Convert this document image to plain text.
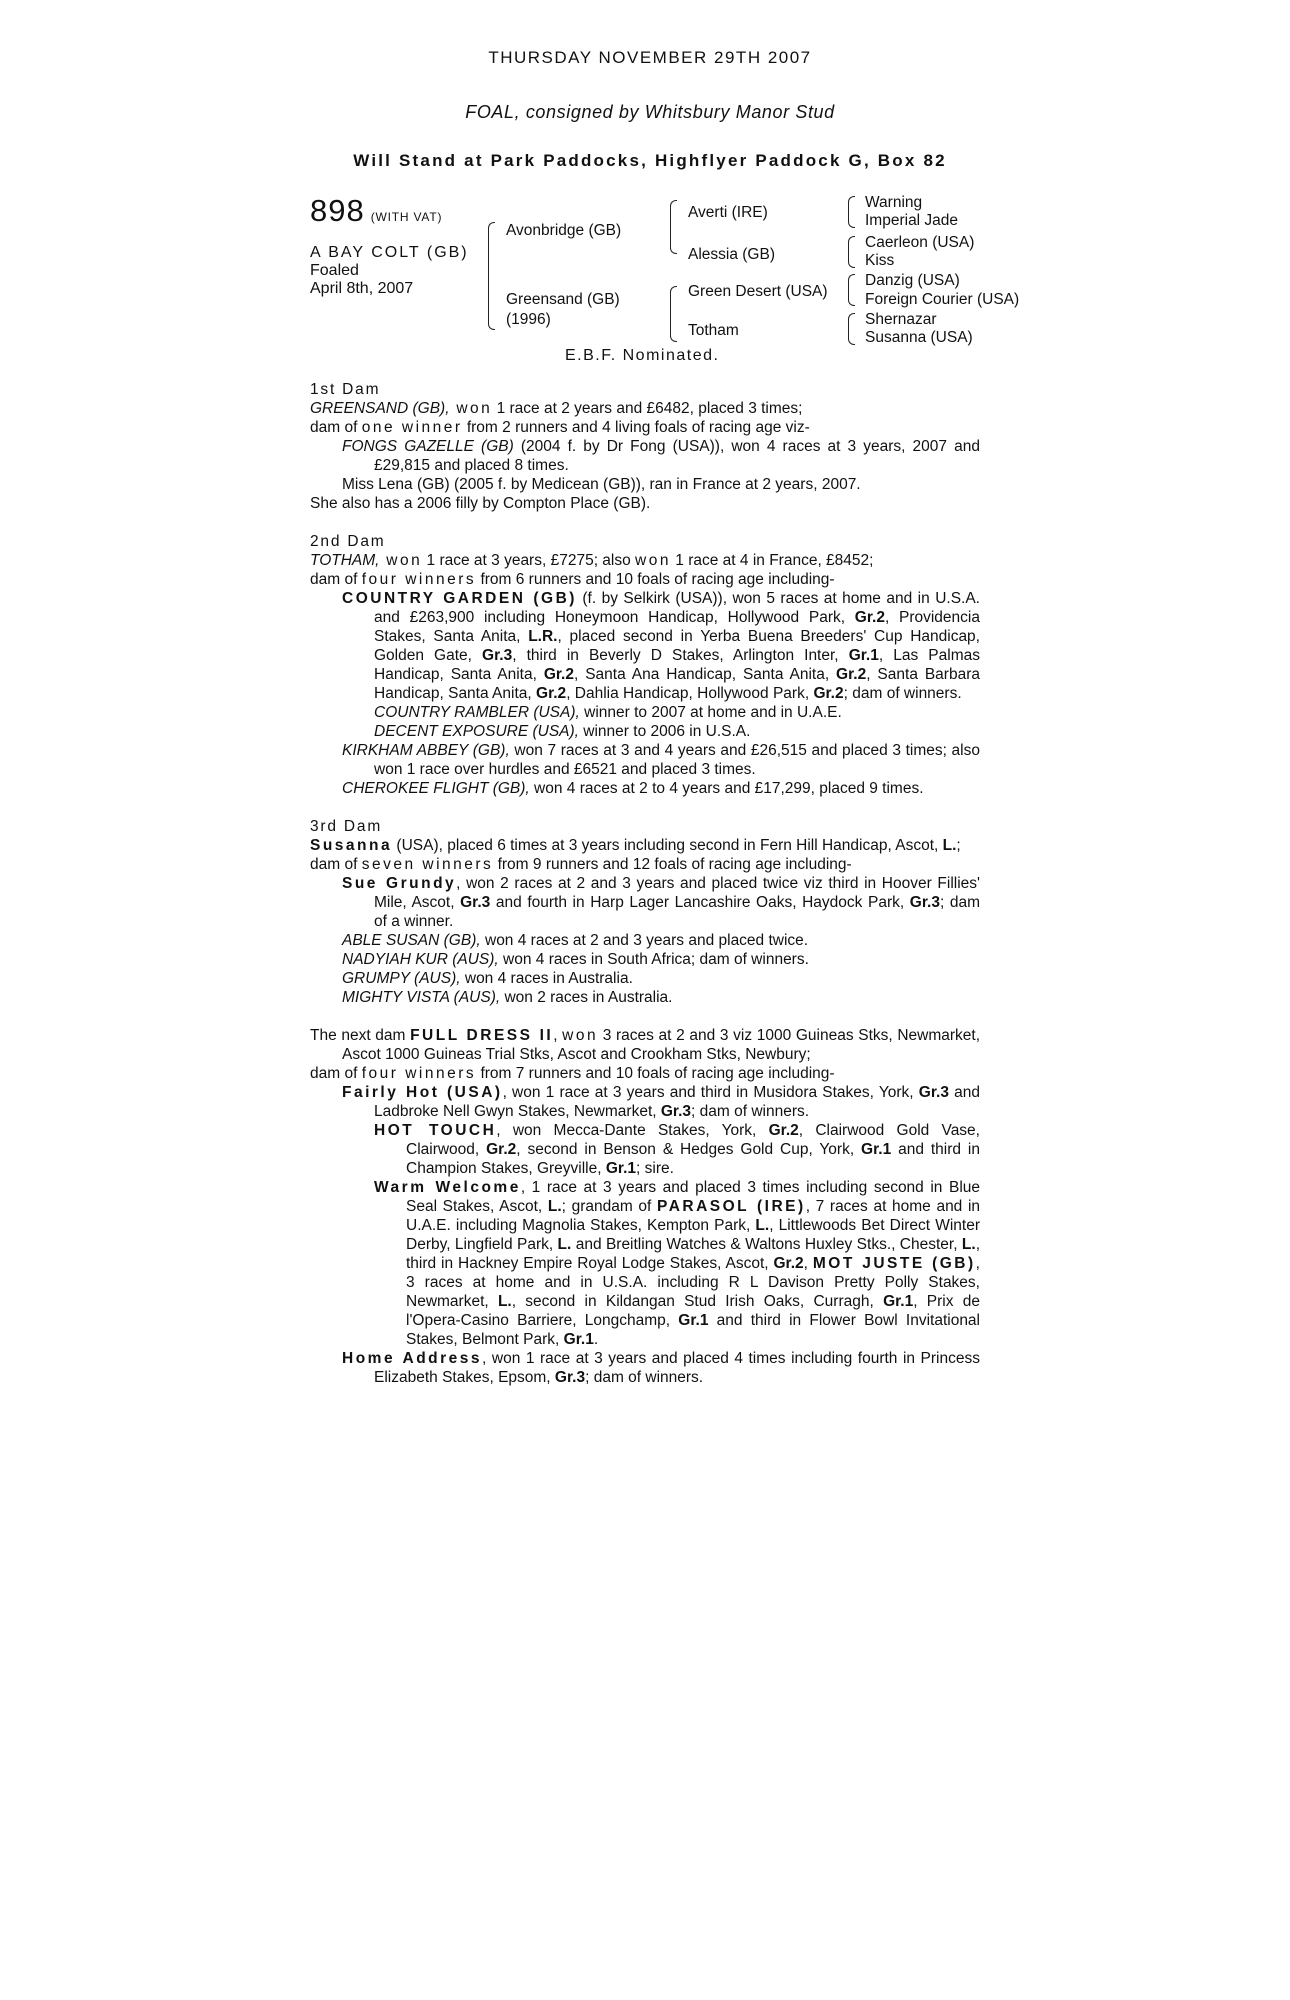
THURSDAY NOVEMBER 29TH 2007
FOAL, consigned by Whitsbury Manor Stud
Will Stand at Park Paddocks, Highflyer Paddock G, Box 82
898 (WITH VAT)
A BAY COLT (GB)
Foaled
April 8th, 2007
Avonbridge (GB)
Greensand (GB)
(1996)
Averti (IRE)
Alessia (GB)
Green Desert (USA)
Totham
Warning
Imperial Jade
Caerleon (USA)
Kiss
Danzig (USA)
Foreign Courier (USA)
Shernazar
Susanna (USA)
E.B.F. Nominated.

1st Dam

GREENSAND (GB), won 1 race at 2 years and £6482, placed 3 times;

dam of one winner from 2 runners and 4 living foals of racing age viz-

FONGS GAZELLE (GB) (2004 f. by Dr Fong (USA)), won 4 races at 3 years, 2007 and £29,815 and placed 8 times.

Miss Lena (GB) (2005 f. by Medicean (GB)), ran in France at 2 years, 2007.

She also has a 2006 filly by Compton Place (GB).

2nd Dam

TOTHAM, won 1 race at 3 years, £7275; also won 1 race at 4 in France, £8452;

dam of four winners from 6 runners and 10 foals of racing age including-

COUNTRY GARDEN (GB) (f. by Selkirk (USA)), won 5 races at home and in U.S.A. and £263,900 including Honeymoon Handicap, Hollywood Park, Gr.2, Providencia Stakes, Santa Anita, L.R., placed second in Yerba Buena Breeders' Cup Handicap, Golden Gate, Gr.3, third in Beverly D Stakes, Arlington Inter, Gr.1, Las Palmas Handicap, Santa Anita, Gr.2, Santa Ana Handicap, Santa Anita, Gr.2, Santa Barbara Handicap, Santa Anita, Gr.2, Dahlia Handicap, Hollywood Park, Gr.2; dam of winners.

COUNTRY RAMBLER (USA), winner to 2007 at home and in U.A.E.

DECENT EXPOSURE (USA), winner to 2006 in U.S.A.

KIRKHAM ABBEY (GB), won 7 races at 3 and 4 years and £26,515 and placed 3 times; also won 1 race over hurdles and £6521 and placed 3 times.

CHEROKEE FLIGHT (GB), won 4 races at 2 to 4 years and £17,299, placed 9 times.

3rd Dam

Susanna (USA), placed 6 times at 3 years including second in Fern Hill Handicap, Ascot, L.;

dam of seven winners from 9 runners and 12 foals of racing age including-

Sue Grundy, won 2 races at 2 and 3 years and placed twice viz third in Hoover Fillies' Mile, Ascot, Gr.3 and fourth in Harp Lager Lancashire Oaks, Haydock Park, Gr.3; dam of a winner.

ABLE SUSAN (GB), won 4 races at 2 and 3 years and placed twice.

NADYIAH KUR (AUS), won 4 races in South Africa; dam of winners.

GRUMPY (AUS), won 4 races in Australia.

MIGHTY VISTA (AUS), won 2 races in Australia.

The next dam FULL DRESS II, won 3 races at 2 and 3 viz 1000 Guineas Stks, Newmarket, Ascot 1000 Guineas Trial Stks, Ascot and Crookham Stks, Newbury;

dam of four winners from 7 runners and 10 foals of racing age including-

Fairly Hot (USA), won 1 race at 3 years and third in Musidora Stakes, York, Gr.3 and Ladbroke Nell Gwyn Stakes, Newmarket, Gr.3; dam of winners.

HOT TOUCH, won Mecca-Dante Stakes, York, Gr.2, Clairwood Gold Vase, Clairwood, Gr.2, second in Benson & Hedges Gold Cup, York, Gr.1 and third in Champion Stakes, Greyville, Gr.1; sire.

Warm Welcome, 1 race at 3 years and placed 3 times including second in Blue Seal Stakes, Ascot, L.; grandam of PARASOL (IRE), 7 races at home and in U.A.E. including Magnolia Stakes, Kempton Park, L., Littlewoods Bet Direct Winter Derby, Lingfield Park, L. and Breitling Watches & Waltons Huxley Stks., Chester, L., third in Hackney Empire Royal Lodge Stakes, Ascot, Gr.2, MOT JUSTE (GB), 3 races at home and in U.S.A. including R L Davison Pretty Polly Stakes, Newmarket, L., second in Kildangan Stud Irish Oaks, Curragh, Gr.1, Prix de l'Opera-Casino Barriere, Longchamp, Gr.1 and third in Flower Bowl Invitational Stakes, Belmont Park, Gr.1.

Home Address, won 1 race at 3 years and placed 4 times including fourth in Princess Elizabeth Stakes, Epsom, Gr.3; dam of winners.
